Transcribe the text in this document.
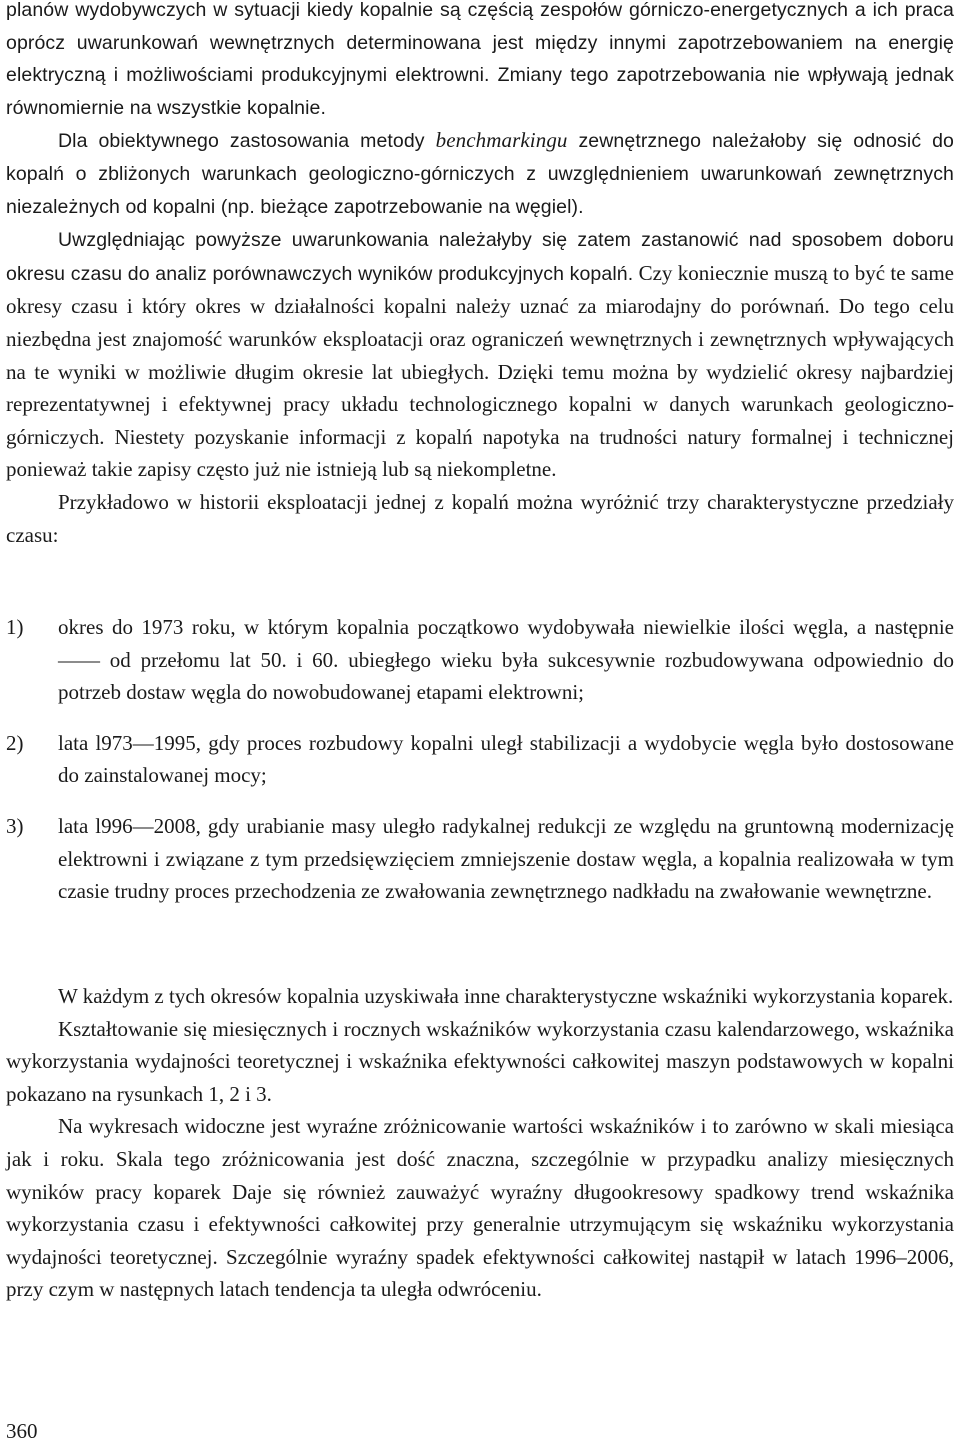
planów wydobywczych w sytuacji kiedy kopalnie są częścią zespołów górniczo-energetycznych a ich praca oprócz uwarunkowań wewnętrznych determinowana jest między innymi zapotrzebowaniem na energię elektryczną i możliwościami produkcyjnymi elektrowni. Zmiany tego zapotrzebowania nie wpływają jednak równomiernie na wszystkie kopalnie.

Dla obiektywnego zastosowania metody benchmarkingu zewnętrznego należałoby się odnosić do kopalń o zbliżonych warunkach geologiczno-górniczych z uwzględnieniem uwarunkowań zewnętrznych niezależnych od kopalni (np. bieżące zapotrzebowanie na węgiel).

Uwzględniając powyższe uwarunkowania należałyby się zatem zastanowić nad sposobem doboru okresu czasu do analiz porównawczych wyników produkcyjnych kopalń. Czy koniecznie muszą to być te same okresy czasu i który okres w działalności kopalni należy uznać za miarodajny do porównań. Do tego celu niezbędna jest znajomość warunków eksploatacji oraz ograniczeń wewnętrznych i zewnętrznych wpływających na te wyniki w możliwie długim okresie lat ubiegłych. Dzięki temu można by wydzielić okresy najbardziej reprezentatywnej i efektywnej pracy układu technologicznego kopalni w danych warunkach geologiczno-górniczych. Niestety pozyskanie informacji z kopalń napotyka na trudności natury formalnej i technicznej ponieważ takie zapisy często już nie istnieją lub są niekompletne.

Przykładowo w historii eksploatacji jednej z kopalń można wyróżnić trzy charakterystyczne przedziały czasu:

1)	okres do 1973 roku, w którym kopalnia początkowo wydobywała niewielkie ilości węgla, a następnie —— od przełomu lat 50. i 60. ubiegłego wieku była sukcesywnie rozbudowywana odpowiednio do potrzeb dostaw węgla do nowobudowanej etapami elektrowni;
2)	lata l973—1995, gdy proces rozbudowy kopalni uległ stabilizacji a wydobycie węgla było dostosowane do zainstalowanej mocy;
3)	lata l996—2008, gdy urabianie masy uległo radykalnej redukcji ze względu na gruntowną modernizację elektrowni i związane z tym przedsięwzięciem zmniejszenie dostaw węgla, a kopalnia realizowała w tym czasie trudny proces przechodzenia ze zwałowania zewnętrznego nadkładu na zwałowanie wewnętrzne.

W każdym z tych okresów kopalnia uzyskiwała inne charakterystyczne wskaźniki wykorzystania koparek.

Kształtowanie się miesięcznych i rocznych wskaźników wykorzystania czasu kalendarzowego, wskaźnika wykorzystania wydajności teoretycznej i wskaźnika efektywności całkowitej maszyn podstawowych w kopalni pokazano na rysunkach 1, 2 i 3.

Na wykresach widoczne jest wyraźne zróżnicowanie wartości wskaźników i to zarówno w skali miesiąca jak i roku. Skala tego zróżnicowania jest dość znaczna, szczególnie w przypadku analizy miesięcznych wyników pracy koparek Daje się również zauważyć wyraźny długookresowy spadkowy trend wskaźnika wykorzystania czasu i efektywności całkowitej przy generalnie utrzymującym się wskaźniku wykorzystania wydajności teoretycznej. Szczególnie wyraźny spadek efektywności całkowitej nastąpił w latach 1996–2006, przy czym w następnych latach tendencja ta uległa odwróceniu.

360
